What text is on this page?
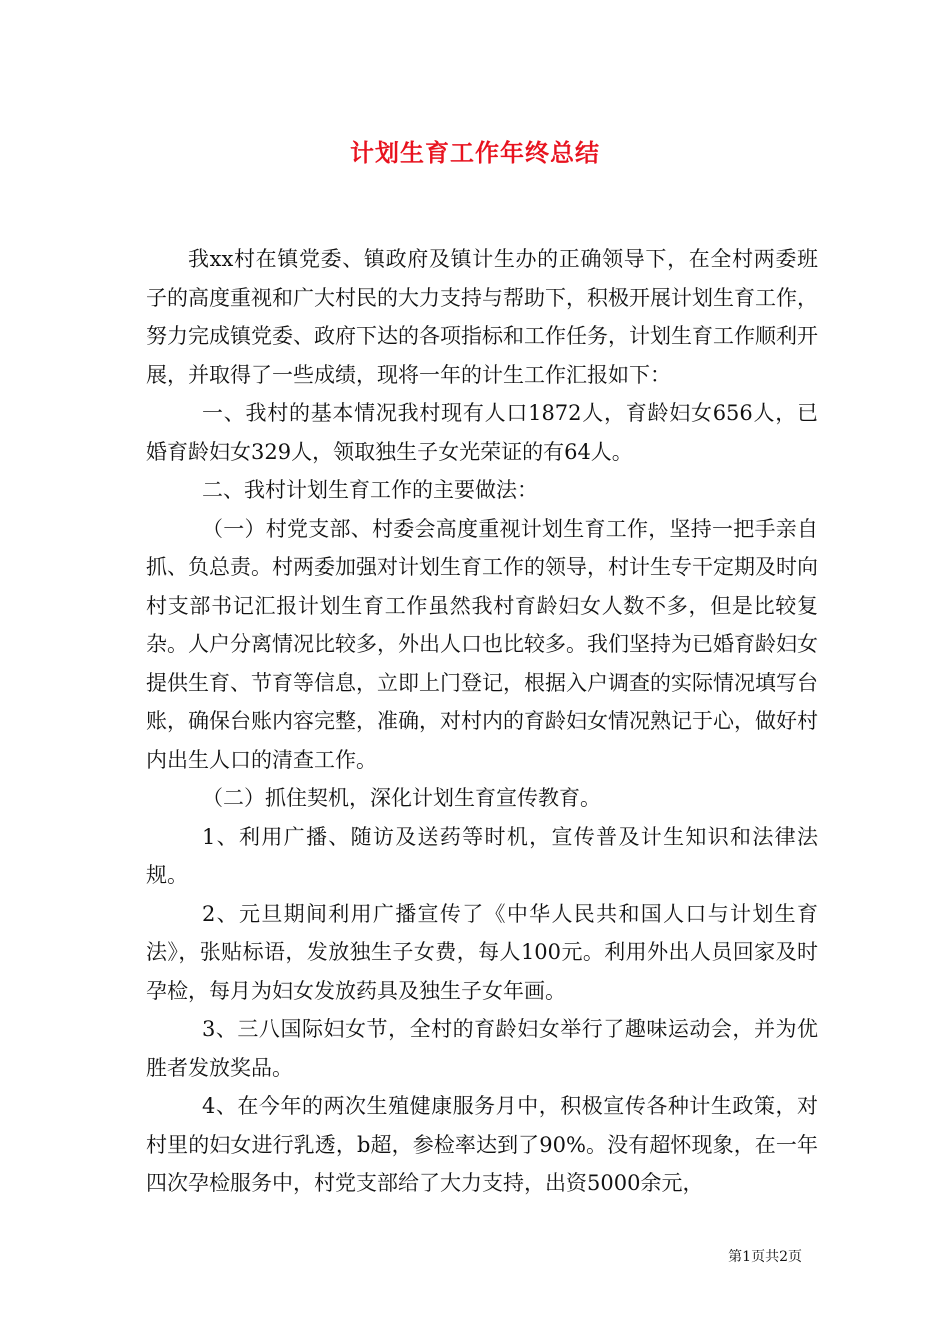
计划生育工作年终总结

我xx村在镇党委、镇政府及镇计生办的正确领导下，在全村两委班子的高度重视和广大村民的大力支持与帮助下，积极开展计划生育工作，努力完成镇党委、政府下达的各项指标和工作任务，计划生育工作顺利开展，并取得了一些成绩，现将一年的计生工作汇报如下：

一、我村的基本情况我村现有人口1872人，育龄妇女656人，已婚育龄妇女329人，领取独生子女光荣证的有64人。

二、我村计划生育工作的主要做法：

（一）村党支部、村委会高度重视计划生育工作，坚持一把手亲自抓、负总责。村两委加强对计划生育工作的领导，村计生专干定期及时向村支部书记汇报计划生育工作虽然我村育龄妇女人数不多，但是比较复杂。人户分离情况比较多，外出人口也比较多。我们坚持为已婚育龄妇女提供生育、节育等信息，立即上门登记，根据入户调查的实际情况填写台账，确保台账内容完整，准确，对村内的育龄妇女情况熟记于心，做好村内出生人口的清查工作。

（二）抓住契机，深化计划生育宣传教育。

1、利用广播、随访及送药等时机，宣传普及计生知识和法律法规。

2、元旦期间利用广播宣传了《中华人民共和国人口与计划生育法》，张贴标语，发放独生子女费，每人100元。利用外出人员回家及时孕检，每月为妇女发放药具及独生子女年画。

3、三八国际妇女节，全村的育龄妇女举行了趣味运动会，并为优胜者发放奖品。

4、在今年的两次生殖健康服务月中，积极宣传各种计生政策，对村里的妇女进行乳透，b超，参检率达到了90%。没有超怀现象，在一年四次孕检服务中，村党支部给了大力支持，出资5000余元，

第1页共2页
